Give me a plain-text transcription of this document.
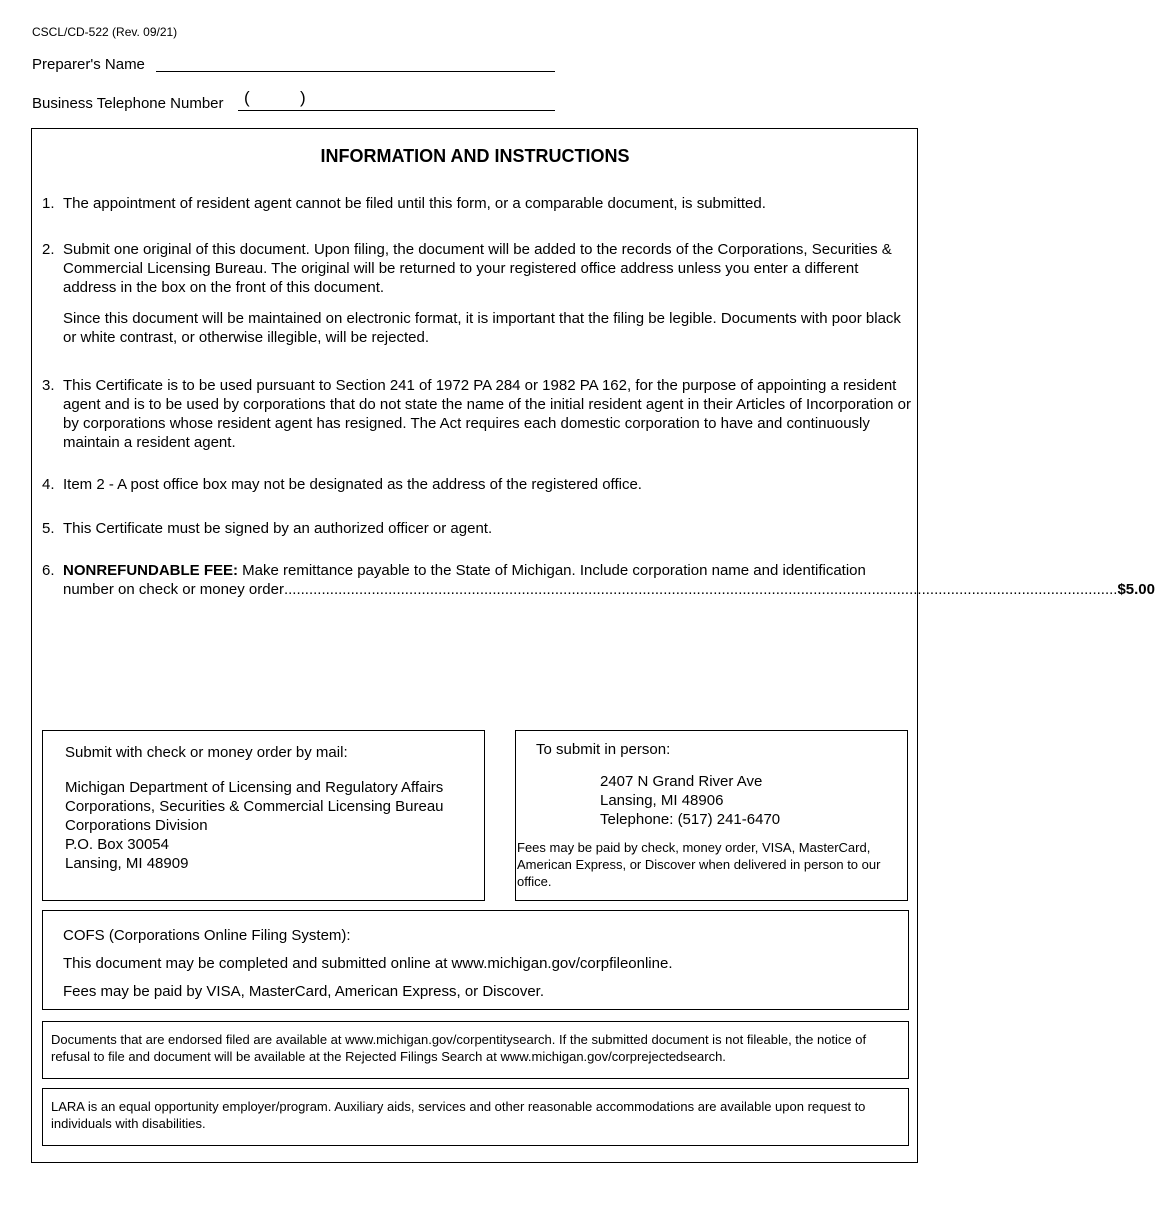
CSCL/CD-522 (Rev. 09/21)
Preparer's Name
Business Telephone Number (	)
INFORMATION AND INSTRUCTIONS
1. The appointment of resident agent cannot be filed until this form, or a comparable document, is submitted.
2. Submit one original of this document. Upon filing, the document will be added to the records of the Corporations, Securities & Commercial Licensing Bureau. The original will be returned to your registered office address unless you enter a different address in the box on the front of this document.
Since this document will be maintained on electronic format, it is important that the filing be legible. Documents with poor black or white contrast, or otherwise illegible, will be rejected.
3. This Certificate is to be used pursuant to Section 241 of 1972 PA 284 or 1982 PA 162, for the purpose of appointing a resident agent and is to be used by corporations that do not state the name of the initial resident agent in their Articles of Incorporation or by corporations whose resident agent has resigned. The Act requires each domestic corporation to have and continuously maintain a resident agent.
4. Item 2 - A post office box may not be designated as the address of the registered office.
5. This Certificate must be signed by an authorized officer or agent.
6. NONREFUNDABLE FEE: Make remittance payable to the State of Michigan. Include corporation name and identification
number on check or money order ........................................................................................................................................................................................................ $5.00

Submit with check or money order by mail:

Michigan Department of Licensing and Regulatory Affairs
Corporations, Securities & Commercial Licensing Bureau
Corporations Division
P.O. Box 30054
Lansing, MI 48909

To submit in person:

2407 N Grand River Ave
Lansing, MI 48906
Telephone: (517) 241-6470
Fees may be paid by check, money order, VISA, MasterCard, American Express, or Discover when delivered in person to our office.

COFS (Corporations Online Filing System):

This document may be completed and submitted online at www.michigan.gov/corpfileonline.

Fees may be paid by VISA, MasterCard, American Express, or Discover.

Documents that are endorsed filed are available at www.michigan.gov/corpentitysearch. If the submitted document is not fileable, the notice of refusal to file and document will be available at the Rejected Filings Search at www.michigan.gov/corprejectedsearch.
LARA is an equal opportunity employer/program. Auxiliary aids, services and other reasonable accommodations are available upon request to individuals with disabilities.
